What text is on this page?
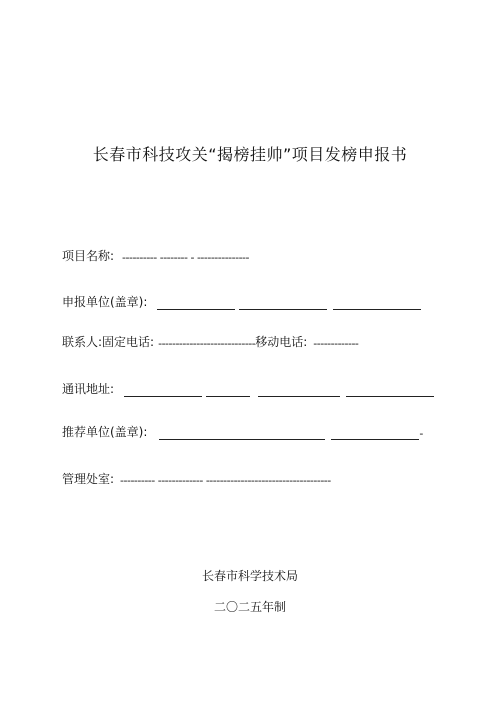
长春市科技攻关“揭榜挂帅”项目发榜申报书
项目名称: ---------- -------- - ---------------
申报单位(盖章):
联系人: 固定电话: ---------------------------- 移动电话: -------------
通讯地址:
推荐单位(盖章):	-
管理处室: ---------- ------------- ------------------------------------
长春市科学技术局
二〇二五年制
